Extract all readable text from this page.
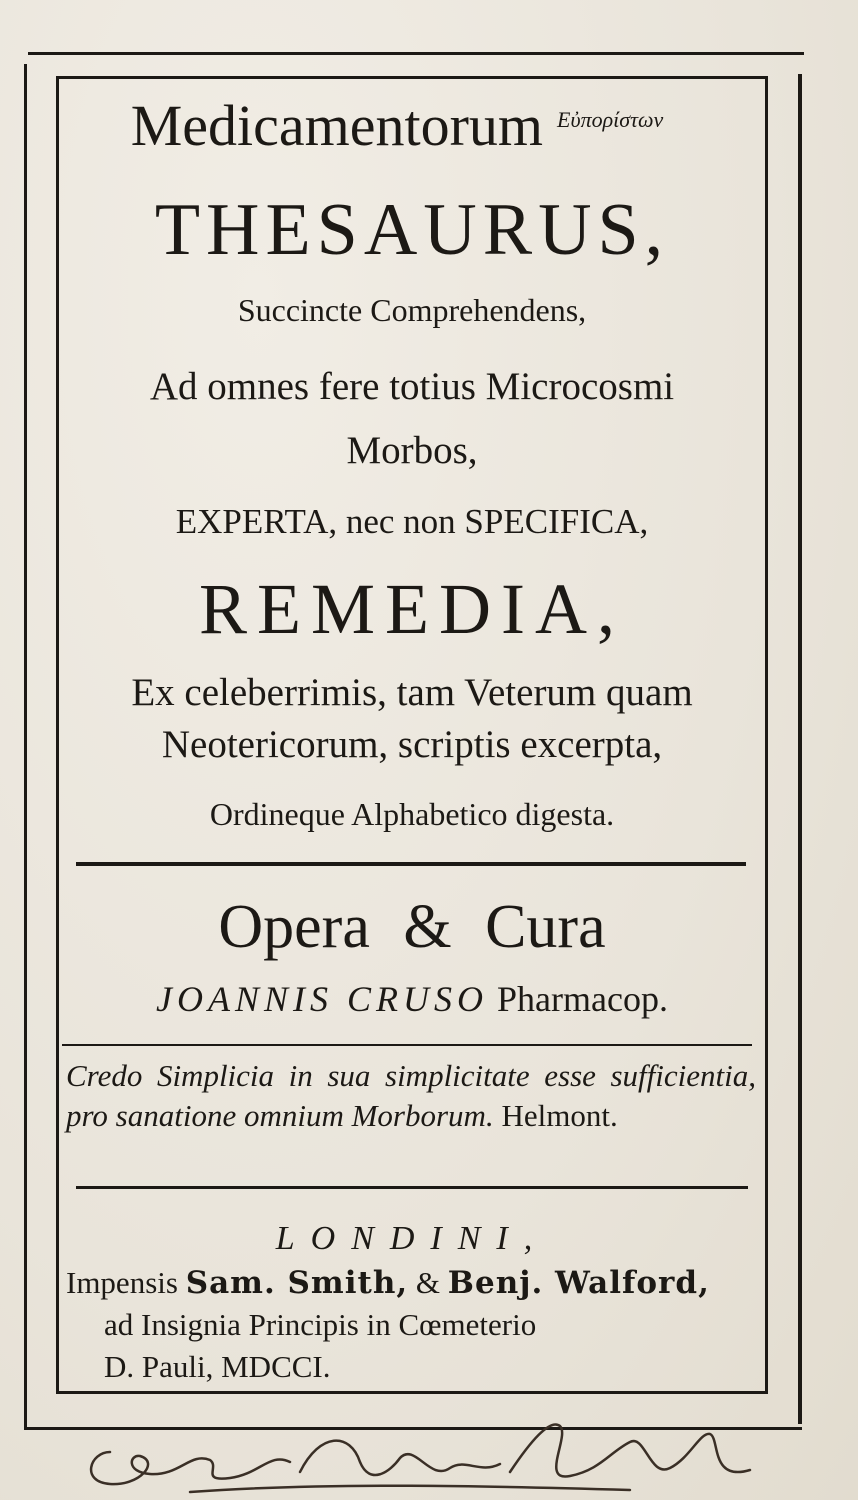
Medicamentorum Εὐπορίστων
THESAURUS,
Succincte Comprehendens,
Ad omnes fere totius Microcosmi
Morbos,
EXPERTA, nec non SPECIFICA,
REMEDIA,
Ex celeberrimis, tam Veterum quam
Neotericorum, scriptis excerpta,
Ordineque Alphabetico digesta.
Opera & Cura
JOANNIS CRUSO Pharmacop.
Credo Simplicia in sua simplicitate esse sufficientia, pro sanatione omnium Morborum. Helmont.
LONDINI,
Impensis Sam. Smith, & Benj. Walford,
ad Insignia Principis in Cœmeterio
D. Pauli, MDCCI.
